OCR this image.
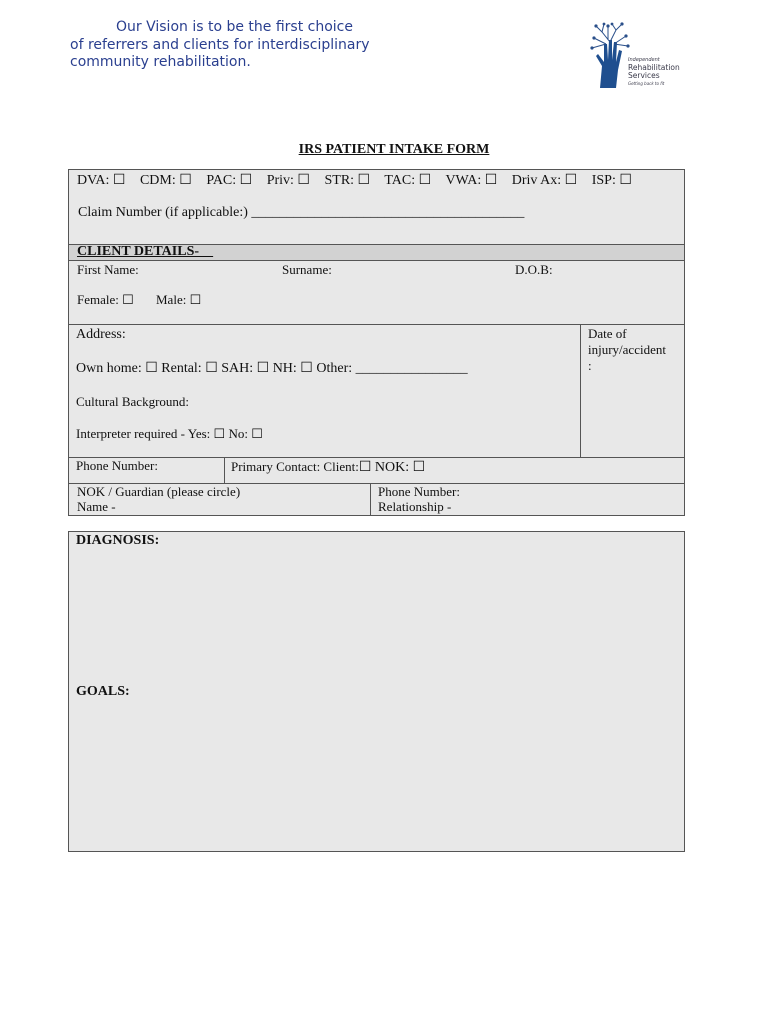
Our Vision is to be the first choice of referrers and clients for interdisciplinary community rehabilitation.	Independent
Rehabilitation
Services
Getting back to fit
IRS PATIENT INTAKE FORM
DVA: ☐ CDM: ☐ PAC: ☐ Priv: ☐ STR: ☐ TAC: ☐ VWA: ☐ Driv Ax: ☐ ISP: ☐
Claim Number (if applicable:) _______________________________________
CLIENT DETAILS-__
First Name:	Surname:	D.O.B:
Female: ☐ Male: ☐
Address:
Own home: ☐ Rental: ☐ SAH: ☐ NH: ☐ Other: ________________
Cultural Background:
Interpreter required - Yes: ☐ No: ☐
Date of
injury/accident
:
Phone Number:	Primary Contact: Client:☐ NOK: ☐
NOK / Guardian (please circle)
Name -
Phone Number:
Relationship -
DIAGNOSIS:
GOALS:
